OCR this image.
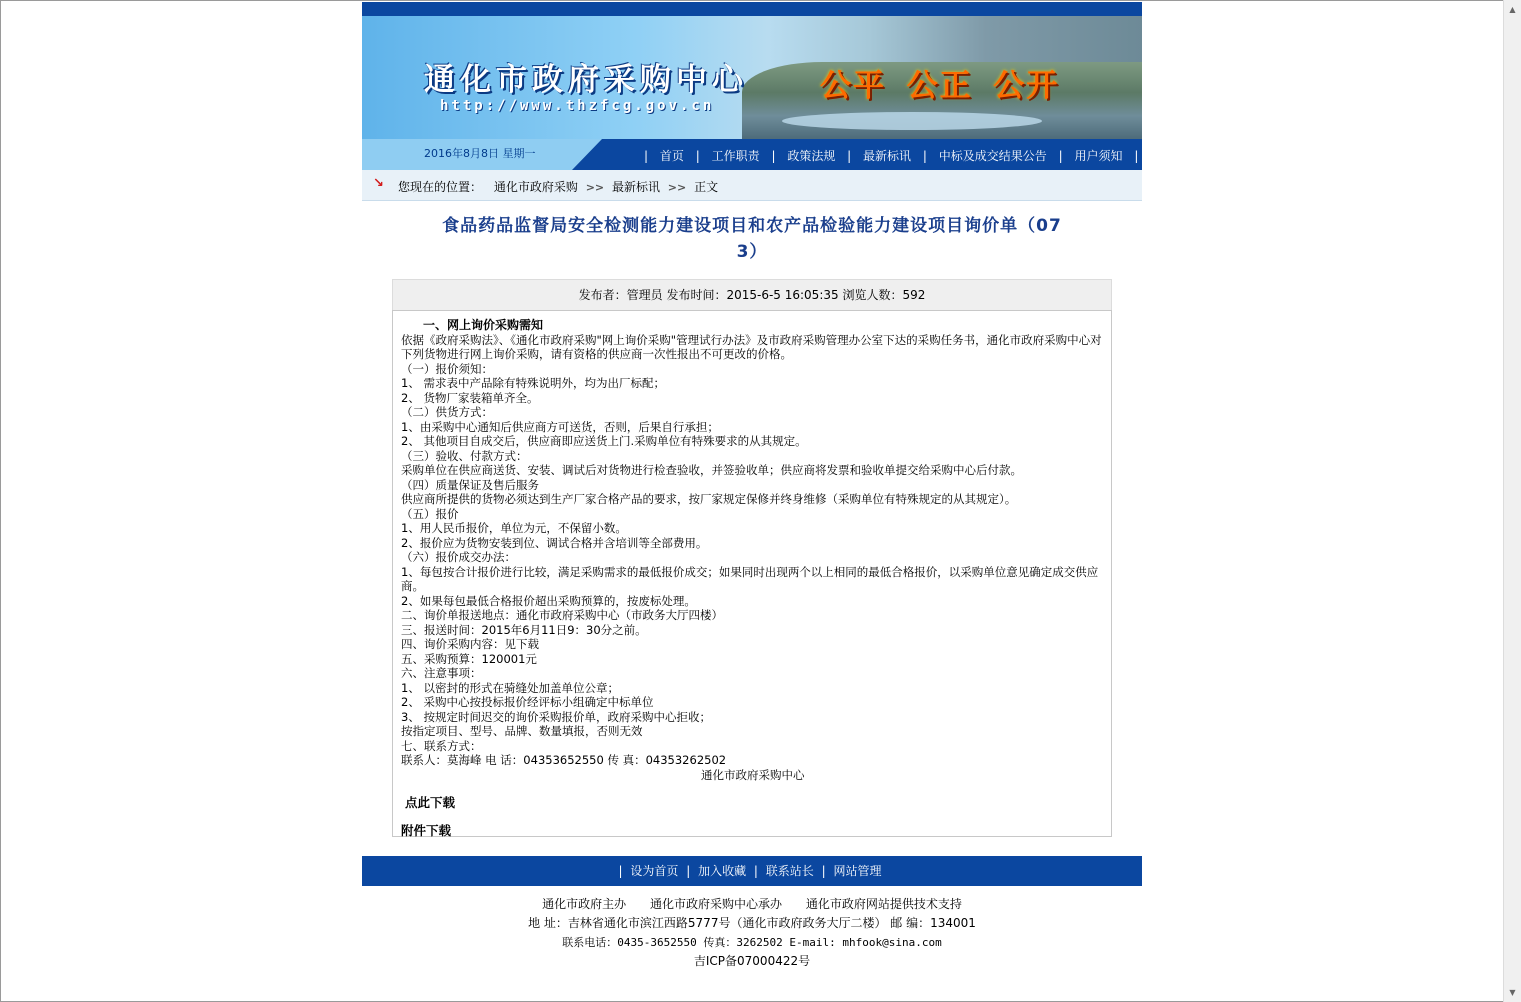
通化市政府采购中心
http://www.thzfcg.gov.cn
公平 公正 公开
2016年8月8日 星期一	| 首页 | 工作职责 | 政策法规 | 最新标讯 | 中标及成交结果公告 | 用户须知 |
↘ 您现在的位置： 通化市政府采购 >> 最新标讯 >> 正文
食品药品监督局安全检测能力建设项目和农产品检验能力建设项目询价单（07
3）
发布者：管理员 发布时间：2015-6-5 16:05:35 浏览人数：592
一、网上询价采购需知
依据《政府采购法》、《通化市政府采购"网上询价采购"管理试行办法》及市政府采购管理办公室下达的采购任务书，通化市政府采购中心对下列货物进行网上询价采购，请有资格的供应商一次性报出不可更改的价格。
（一）报价须知：
1、 需求表中产品除有特殊说明外，均为出厂标配；
2、 货物厂家装箱单齐全。
（二）供货方式：
1、由采购中心通知后供应商方可送货，否则，后果自行承担；
2、 其他项目自成交后，供应商即应送货上门.采购单位有特殊要求的从其规定。
（三）验收、付款方式：
采购单位在供应商送货、安装、调试后对货物进行检查验收，并签验收单；供应商将发票和验收单提交给采购中心后付款。
（四）质量保证及售后服务
供应商所提供的货物必须达到生产厂家合格产品的要求，按厂家规定保修并终身维修（采购单位有特殊规定的从其规定）。
（五）报价
1、用人民币报价，单位为元，不保留小数。
2、报价应为货物安装到位、调试合格并含培训等全部费用。
（六）报价成交办法：
1、每包按合计报价进行比较，满足采购需求的最低报价成交；如果同时出现两个以上相同的最低合格报价，以采购单位意见确定成交供应商。
2、如果每包最低合格报价超出采购预算的，按废标处理。
二、询价单报送地点：通化市政府采购中心（市政务大厅四楼）
三、报送时间：2015年6月11日9：30分之前。
四、询价采购内容：见下载
五、采购预算：120001元
六、注意事项：
1、 以密封的形式在骑缝处加盖单位公章；
2、 采购中心按投标报价经评标小组确定中标单位
3、 按规定时间迟交的询价采购报价单，政府采购中心拒收；
按指定项目、型号、品牌、数量填报，否则无效
七、联系方式：
联系人：莫海峰 电 话：04353652550 传 真：04353262502
通化市政府采购中心
点此下载
附件下载
| 设为首页 | 加入收藏 | 联系站长 | 网站管理
通化市政府主办 通化市政府采购中心承办 通化市政府网站提供技术支持
地 址：吉林省通化市滨江西路5777号（通化市政府政务大厅二楼） 邮 编：134001
联系电话：0435-3652550 传真：3262502 E-mail: mhfook@sina.com
吉ICP备07000422号
▲
▼
